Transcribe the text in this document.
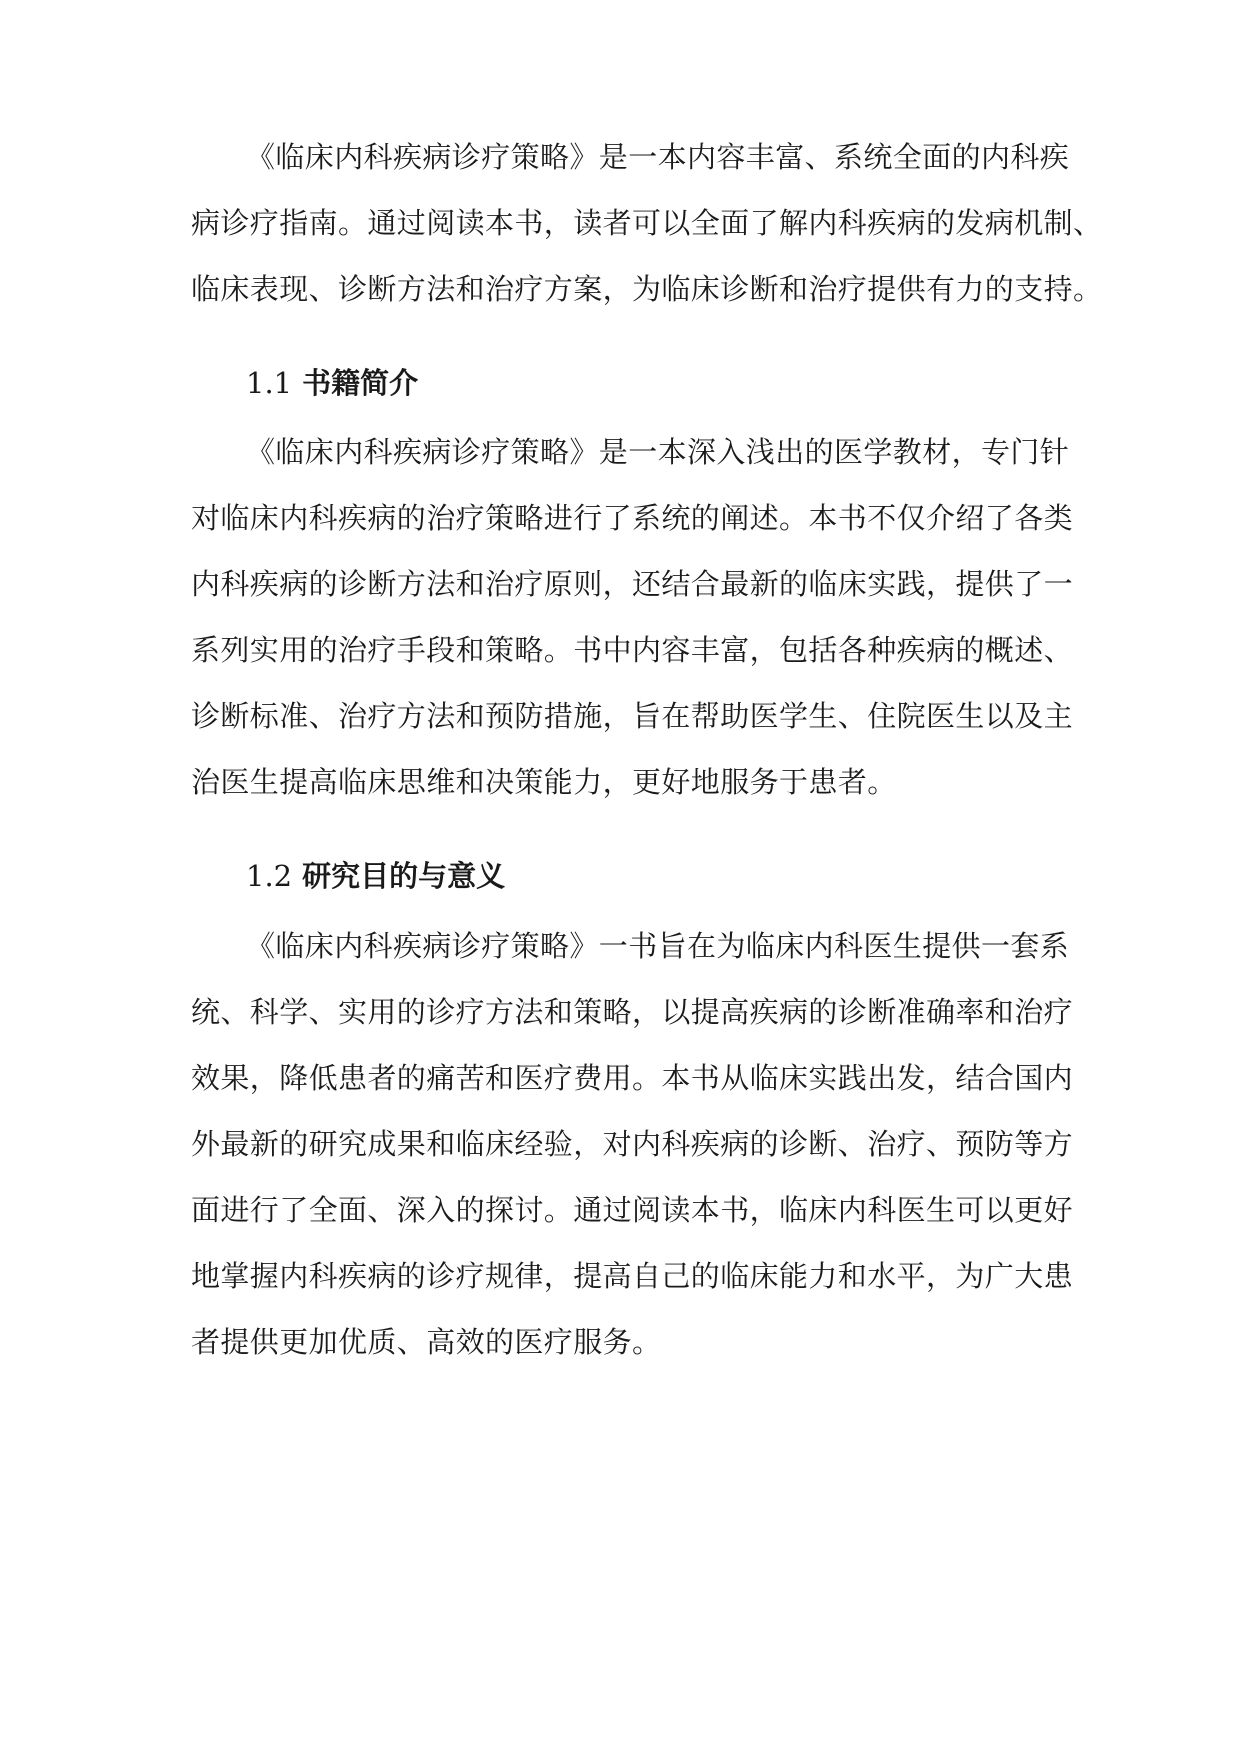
《临床内科疾病诊疗策略》是一本内容丰富、系统全面的内科疾
病诊疗指南。通过阅读本书，读者可以全面了解内科疾病的发病机制、
临床表现、诊断方法和治疗方案，为临床诊断和治疗提供有力的支持。
1.1 书籍简介
《临床内科疾病诊疗策略》是一本深入浅出的医学教材，专门针
对临床内科疾病的治疗策略进行了系统的阐述。本书不仅介绍了各类
内科疾病的诊断方法和治疗原则，还结合最新的临床实践，提供了一
系列实用的治疗手段和策略。书中内容丰富，包括各种疾病的概述、
诊断标准、治疗方法和预防措施，旨在帮助医学生、住院医生以及主
治医生提高临床思维和决策能力，更好地服务于患者。
1.2 研究目的与意义
《临床内科疾病诊疗策略》一书旨在为临床内科医生提供一套系
统、科学、实用的诊疗方法和策略，以提高疾病的诊断准确率和治疗
效果，降低患者的痛苦和医疗费用。本书从临床实践出发，结合国内
外最新的研究成果和临床经验，对内科疾病的诊断、治疗、预防等方
面进行了全面、深入的探讨。通过阅读本书，临床内科医生可以更好
地掌握内科疾病的诊疗规律，提高自己的临床能力和水平，为广大患
者提供更加优质、高效的医疗服务。
